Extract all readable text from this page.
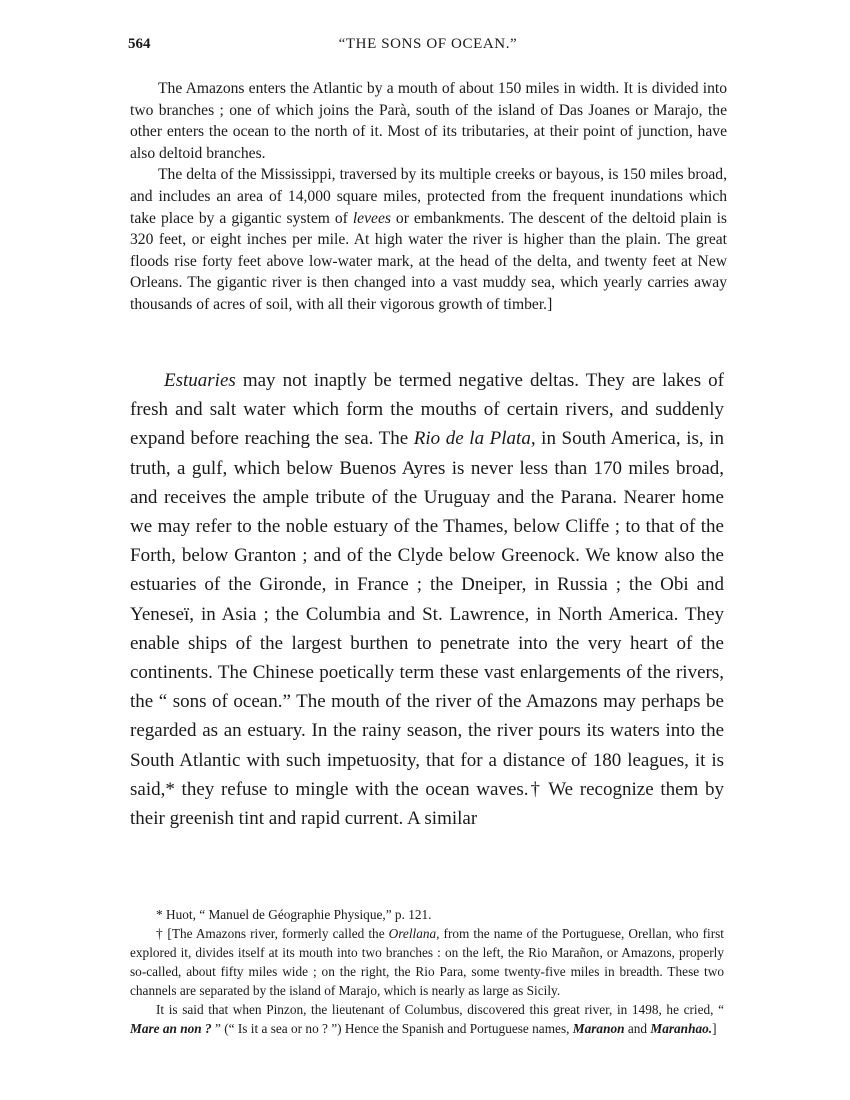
564	“THE SONS OF OCEAN.”

The Amazons enters the Atlantic by a mouth of about 150 miles in width. It is divided into two branches ; one of which joins the Parà, south of the island of Das Joanes or Marajo, the other enters the ocean to the north of it. Most of its tributaries, at their point of junction, have also deltoid branches.

The delta of the Mississippi, traversed by its multiple creeks or bayous, is 150 miles broad, and includes an area of 14,000 square miles, protected from the frequent inundations which take place by a gigantic system of levees or embankments. The descent of the deltoid plain is 320 feet, or eight inches per mile. At high water the river is higher than the plain. The great floods rise forty feet above low-water mark, at the head of the delta, and twenty feet at New Orleans. The gigantic river is then changed into a vast muddy sea, which yearly carries away thousands of acres of soil, with all their vigorous growth of timber.]

Estuaries may not inaptly be termed negative deltas. They are lakes of fresh and salt water which form the mouths of certain rivers, and suddenly expand before reaching the sea. The Rio de la Plata, in South America, is, in truth, a gulf, which below Buenos Ayres is never less than 170 miles broad, and receives the ample tribute of the Uruguay and the Parana. Nearer home we may refer to the noble estuary of the Thames, below Cliffe ; to that of the Forth, below Granton ; and of the Clyde below Greenock. We know also the estuaries of the Gironde, in France ; the Dneiper, in Russia ; the Obi and Yeneseï, in Asia ; the Columbia and St. Lawrence, in North America. They enable ships of the largest burthen to penetrate into the very heart of the continents. The Chinese poetically term these vast enlargements of the rivers, the “ sons of ocean.” The mouth of the river of the Amazons may perhaps be regarded as an estuary. In the rainy season, the river pours its waters into the South Atlantic with such impetuosity, that for a distance of 180 leagues, it is said,* they refuse to mingle with the ocean waves.† We recognize them by their greenish tint and rapid current. A similar

* Huot, “ Manuel de Géographie Physique,” p. 121.

† [The Amazons river, formerly called the Orellana, from the name of the Portuguese, Orellan, who first explored it, divides itself at its mouth into two branches : on the left, the Rio Marañon, or Amazons, properly so-called, about fifty miles wide ; on the right, the Rio Para, some twenty-five miles in breadth. These two channels are separated by the island of Marajo, which is nearly as large as Sicily.

It is said that when Pinzon, the lieutenant of Columbus, discovered this great river, in 1498, he cried, “ Mare an non ? ” (“ Is it a sea or no ? ”) Hence the Spanish and Portuguese names, Maranon and Maranhao.]
